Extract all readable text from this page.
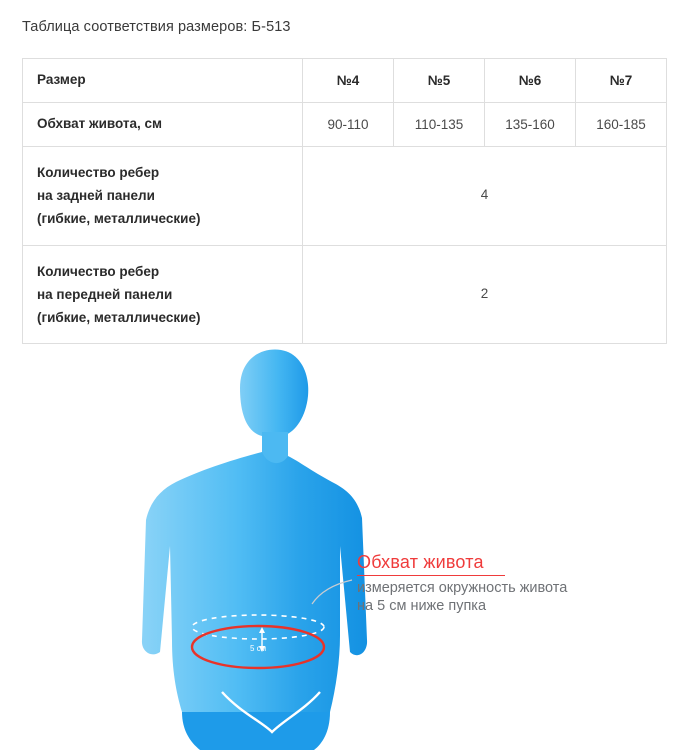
Таблица соответствия размеров: Б-513
Размер	№4	№5	№6	№7

Обхват живота, см	90-110	110-135	135-160	160-185

Количество ребер
на задней панели
(гибкие, металлические)	4			

Количество ребер
на передней панели
(гибкие, металлические)	2			
5 см
Обхват живота
измеряется окружность живота на 5 см ниже пупка
